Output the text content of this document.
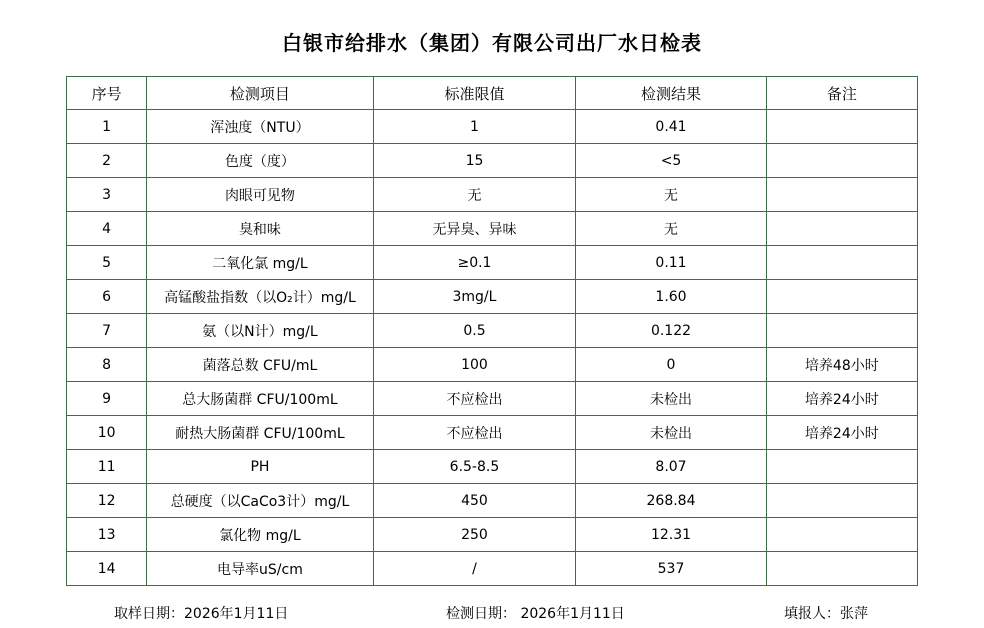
白银市给排水（集团）有限公司出厂水日检表
序号	检测项目	标准限值	检测结果	备注
1	浑浊度（NTU）	1	0.41	
2	色度（度）	15	<5	
3	肉眼可见物	无	无	
4	臭和味	无异臭、异味	无	
5	二氧化氯 mg/L	≥0.1	0.11	
6	高锰酸盐指数（以O₂计）mg/L	3mg/L	1.60	
7	氨（以N计）mg/L	0.5	0.122	
8	菌落总数 CFU/mL	100	0	培养48小时
9	总大肠菌群 CFU/100mL	不应检出	未检出	培养24小时
10	耐热大肠菌群 CFU/100mL	不应检出	未检出	培养24小时
11	PH	6.5-8.5	8.07	
12	总硬度（以CaCo3计）mg/L	450	268.84	
13	氯化物 mg/L	250	12.31	
14	电导率uS/cm	/	537	
取样日期：2026年1月11日	检测日期： 2026年1月11日	填报人：张萍
